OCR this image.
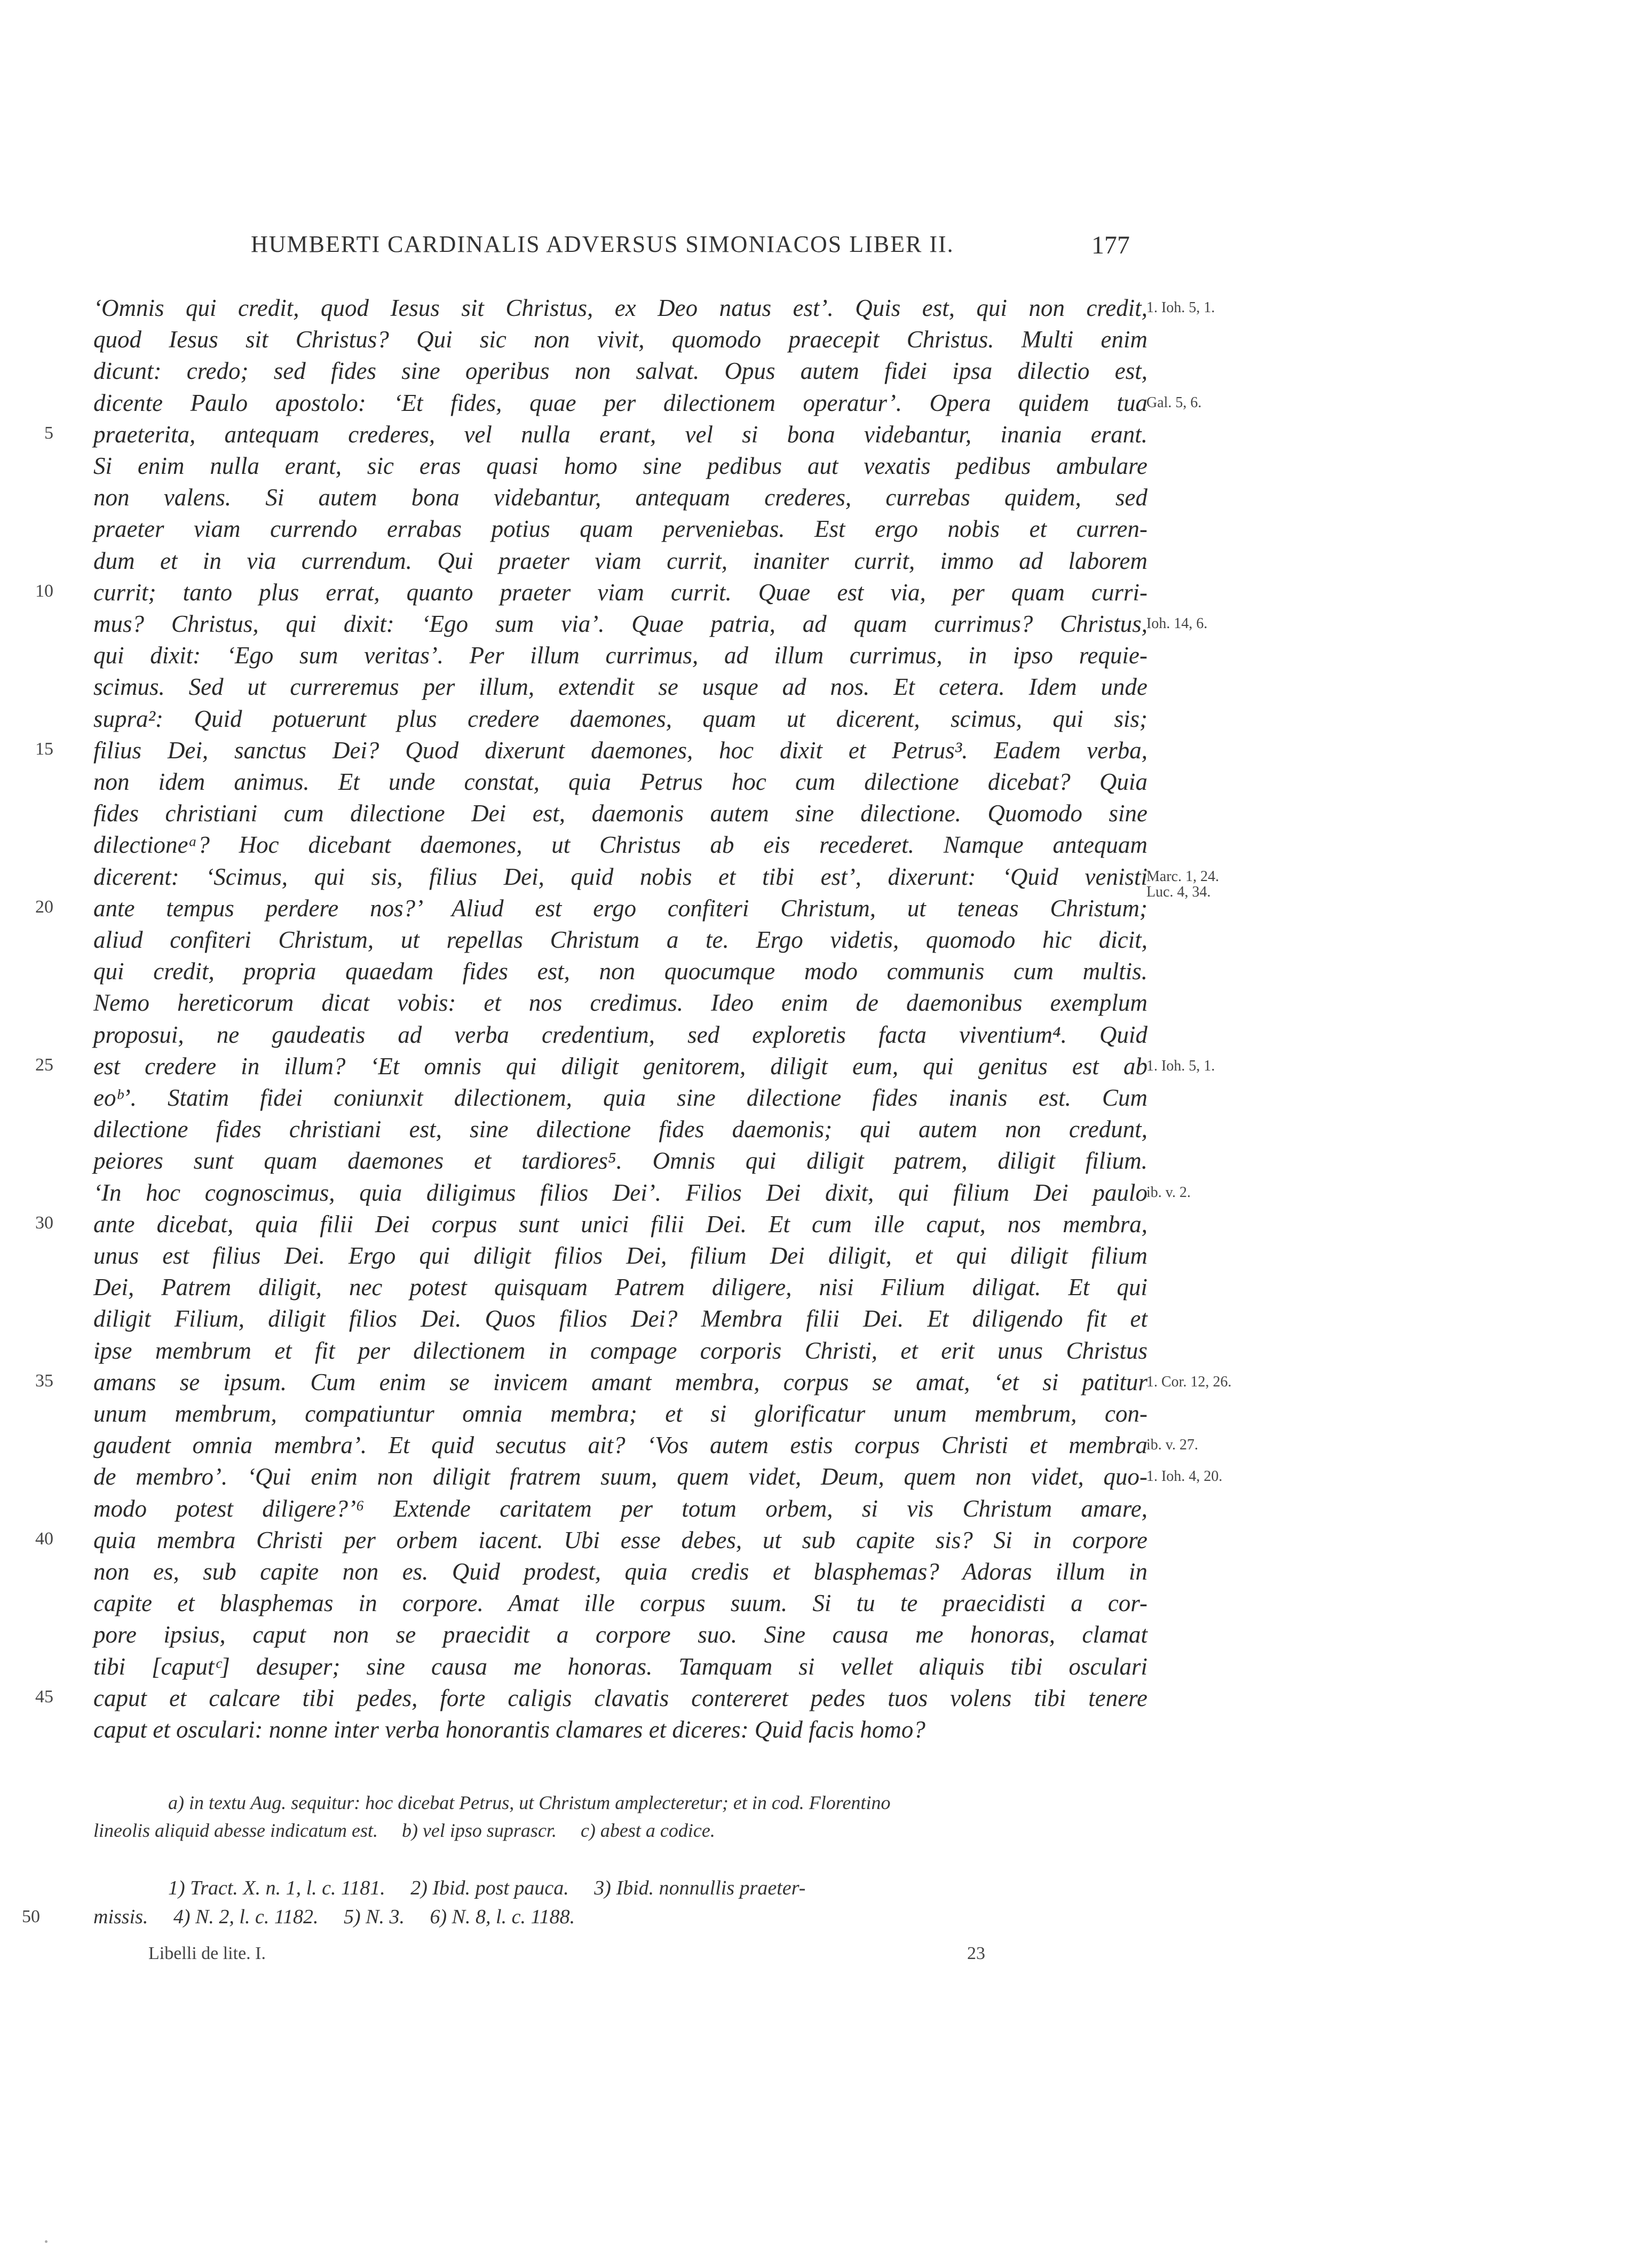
HUMBERTI CARDINALIS ADVERSUS SIMONIACOS LIBER II.	177
‘Omnis qui credit, quod Iesus sit Christus, ex Deo natus est’. Quis est, qui non credit,
quod Iesus sit Christus? Qui sic non vivit, quomodo praecepit Christus. Multi enim
dicunt: credo; sed fides sine operibus non salvat. Opus autem fidei ipsa dilectio est,
dicente Paulo apostolo: ‘Et fides, quae per dilectionem operatur’. Opera quidem tua
5 praeterita, antequam crederes, vel nulla erant, vel si bona videbantur, inania erant.
Si enim nulla erant, sic eras quasi homo sine pedibus aut vexatis pedibus ambulare
non valens. Si autem bona videbantur, antequam crederes, currebas quidem, sed
praeter viam currendo errabas potius quam perveniebas. Est ergo nobis et curren-
dum et in via currendum. Qui praeter viam currit, inaniter currit, immo ad laborem
10 currit; tanto plus errat, quanto praeter viam currit. Quae est via, per quam curri-
mus? Christus, qui dixit: ‘Ego sum via’. Quae patria, ad quam currimus? Christus,
qui dixit: ‘Ego sum veritas’. Per illum currimus, ad illum currimus, in ipso requie-
scimus. Sed ut curreremus per illum, extendit se usque ad nos. Et cetera. Idem unde
supra²: Quid potuerunt plus credere daemones, quam ut dicerent, scimus, qui sis;
15 filius Dei, sanctus Dei? Quod dixerunt daemones, hoc dixit et Petrus³. Eadem verba,
non idem animus. Et unde constat, quia Petrus hoc cum dilectione dicebat? Quia
fides christiani cum dilectione Dei est, daemonis autem sine dilectione. Quomodo sine
dilectioneᵃ? Hoc dicebant daemones, ut Christus ab eis recederet. Namque antequam
dicerent: ‘Scimus, qui sis, filius Dei, quid nobis et tibi est’, dixerunt: ‘Quid venisti
20 ante tempus perdere nos?’ Aliud est ergo confiteri Christum, ut teneas Christum;
aliud confiteri Christum, ut repellas Christum a te. Ergo videtis, quomodo hic dicit,
qui credit, propria quaedam fides est, non quocumque modo communis cum multis.
Nemo hereticorum dicat vobis: et nos credimus. Ideo enim de daemonibus exemplum
proposui, ne gaudeatis ad verba credentium, sed exploretis facta viventium⁴. Quid
25 est credere in illum? ‘Et omnis qui diligit genitorem, diligit eum, qui genitus est ab
eoᵇ’. Statim fidei coniunxit dilectionem, quia sine dilectione fides inanis est. Cum
dilectione fides christiani est, sine dilectione fides daemonis; qui autem non credunt,
peiores sunt quam daemones et tardiores⁵. Omnis qui diligit patrem, diligit filium.
‘In hoc cognoscimus, quia diligimus filios Dei’. Filios Dei dixit, qui filium Dei paulo
30 ante dicebat, quia filii Dei corpus sunt unici filii Dei. Et cum ille caput, nos membra,
unus est filius Dei. Ergo qui diligit filios Dei, filium Dei diligit, et qui diligit filium
Dei, Patrem diligit, nec potest quisquam Patrem diligere, nisi Filium diligat. Et qui
diligit Filium, diligit filios Dei. Quos filios Dei? Membra filii Dei. Et diligendo fit et
ipse membrum et fit per dilectionem in compage corporis Christi, et erit unus Christus
35 amans se ipsum. Cum enim se invicem amant membra, corpus se amat, ‘et si patitur
unum membrum, compatiuntur omnia membra; et si glorificatur unum membrum, con-
gaudent omnia membra’. Et quid secutus ait? ‘Vos autem estis corpus Christi et membra
de membro’. ‘Qui enim non diligit fratrem suum, quem videt, Deum, quem non videt, quo-
modo potest diligere?’⁶ Extende caritatem per totum orbem, si vis Christum amare,
40 quia membra Christi per orbem iacent. Ubi esse debes, ut sub capite sis? Si in corpore
non es, sub capite non es. Quid prodest, quia credis et blasphemas? Adoras illum in
capite et blasphemas in corpore. Amat ille corpus suum. Si tu te praecidisti a cor-
pore ipsius, caput non se praecidit a corpore suo. Sine causa me honoras, clamat
tibi [caputᶜ] desuper; sine causa me honoras. Tamquam si vellet aliquis tibi osculari
45 caput et calcare tibi pedes, forte caligis clavatis contereret pedes tuos volens tibi tenere
caput et osculari: nonne inter verba honorantis clamares et diceres: Quid facis homo?
1. Ioh. 5, 1.
Gal. 5, 6.
Ioh. 14, 6.
Marc. 1, 24.
Luc. 4, 34.
1. Ioh. 5, 1.
ib. v. 2.
1. Cor. 12, 26.
ib. v. 27.
1. Ioh. 4, 20.
a) in textu Aug. sequitur: hoc dicebat Petrus, ut Christum amplecteretur; et in cod. Florentino
lineolis aliquid abesse indicatum est.     b) vel ipso suprascr.     c) abest a codice.
1) Tract. X. n. 1, l. c. 1181.     2) Ibid. post pauca.     3) Ibid. nonnullis praeter-
50	missis.     4) N. 2, l. c. 1182.     5) N. 3.     6) N. 8, l. c. 1188.
Libelli de lite. I.	23
